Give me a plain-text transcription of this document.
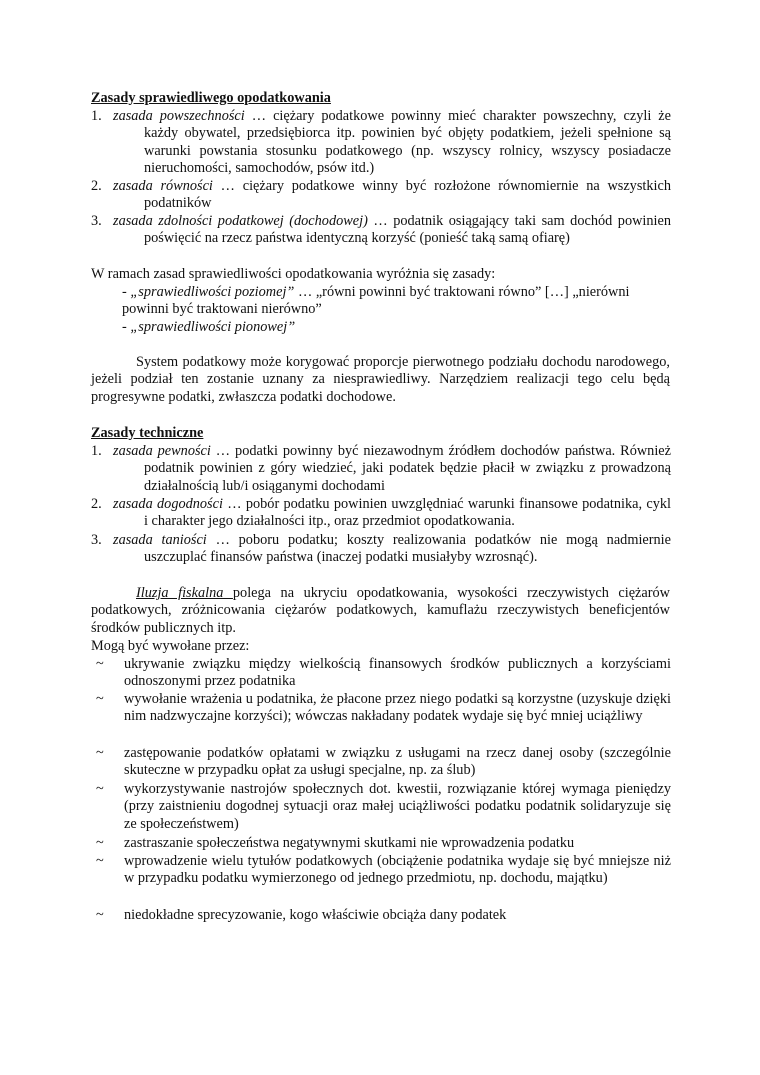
Zasady sprawiedliwego opodatkowania
1. zasada powszechności … ciężary podatkowe powinny mieć charakter powszechny, czyli że każdy obywatel, przedsiębiorca itp. powinien być objęty podatkiem, jeżeli spełnione są warunki powstania stosunku podatkowego (np. wszyscy rolnicy, wszyscy posiadacze nieruchomości, samochodów, psów itd.)
2. zasada równości … ciężary podatkowe winny być rozłożone równomiernie na wszystkich podatników
3. zasada zdolności podatkowej (dochodowej) … podatnik osiągający taki sam dochód powinien poświęcić na rzecz państwa identyczną korzyść (ponieść taką samą ofiarę)
W ramach zasad sprawiedliwości opodatkowania wyróżnia się zasady:
- „sprawiedliwości poziomej” … „równi powinni być traktowani równo” […] „nierówni powinni być traktowani nierówno”
- „sprawiedliwości pionowej”
System podatkowy może korygować proporcje pierwotnego podziału dochodu narodowego, jeżeli podział ten zostanie uznany za niesprawiedliwy. Narzędziem realizacji tego celu będą progresywne podatki, zwłaszcza podatki dochodowe.
Zasady techniczne
1. zasada pewności … podatki powinny być niezawodnym źródłem dochodów państwa. Również podatnik powinien z góry wiedzieć, jaki podatek będzie płacił w związku z prowadzoną działalnością lub/i osiąganymi dochodami
2. zasada dogodności … pobór podatku powinien uwzględniać warunki finansowe podatnika, cykl i charakter jego działalności itp., oraz przedmiot opodatkowania.
3. zasada taniości … poboru podatku; koszty realizowania podatków nie mogą nadmiernie uszczuplać finansów państwa (inaczej podatki musiałyby wzrosnąć).
Iluzja fiskalna polega na ukryciu opodatkowania, wysokości rzeczywistych ciężarów podatkowych, zróżnicowania ciężarów podatkowych, kamuflażu rzeczywistych beneficjentów środków publicznych itp.
Mogą być wywołane przez:
~	ukrywanie związku między wielkością finansowych środków publicznych a korzyściami odnoszonymi przez podatnika
~	wywołanie wrażenia u podatnika, że płacone przez niego podatki są korzystne (uzyskuje dzięki nim nadzwyczajne korzyści); wówczas nakładany podatek wydaje się być mniej uciążliwy
~	zastępowanie podatków opłatami w związku z usługami na rzecz danej osoby (szczególnie skuteczne w przypadku opłat za usługi specjalne, np. za ślub)
~	wykorzystywanie nastrojów społecznych dot. kwestii, rozwiązanie której wymaga pieniędzy (przy zaistnieniu dogodnej sytuacji oraz małej uciążliwości podatku podatnik solidaryzuje się ze społeczeństwem)
~	zastraszanie społeczeństwa negatywnymi skutkami nie wprowadzenia podatku
~	wprowadzenie wielu tytułów podatkowych (obciążenie podatnika wydaje się być mniejsze niż w przypadku podatku wymierzonego od jednego przedmiotu, np. dochodu, majątku)
~	niedokładne sprecyzowanie, kogo właściwie obciąża dany podatek
